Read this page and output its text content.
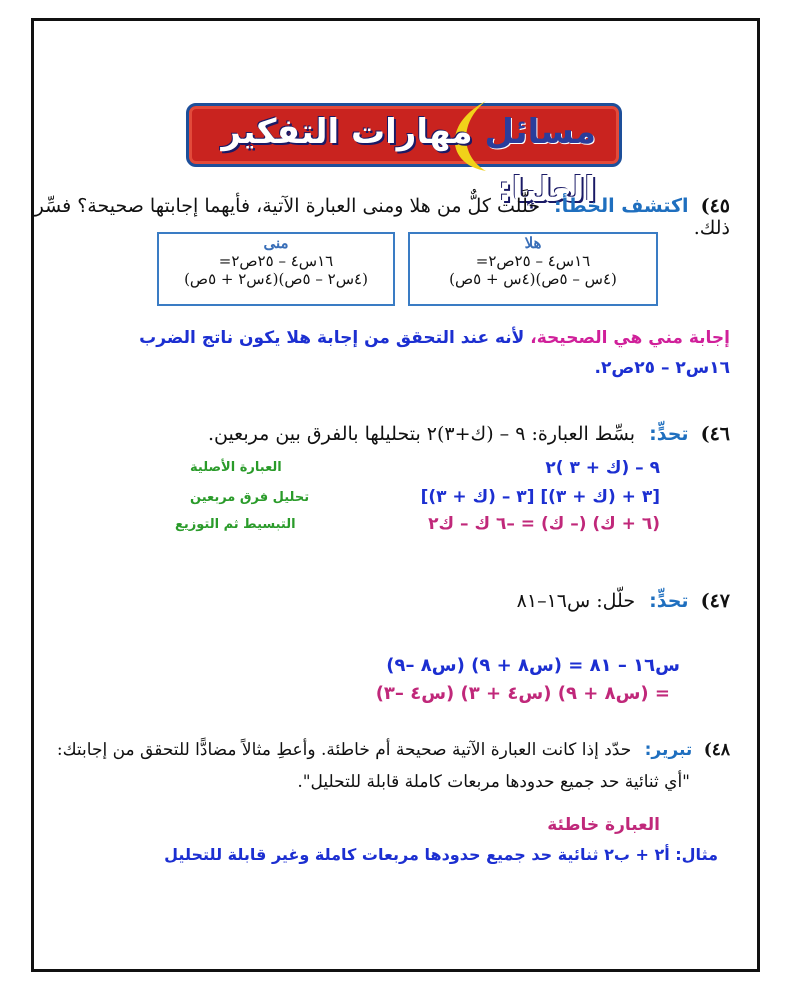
مسائل مهارات التفكير العليا:	٤٥) اكتشف الخطأ: حلَّلت كلٌّ من هلا ومنى العبارة الآتية، فأيهما إجابتها صحيحة؟ فسِّر ذلك.
هلا
١٦س٤ – ٢٥ص٢=
(٤س – ٥ص)(٤س + ٥ص)
منى
١٦س٤ – ٢٥ص٢=
(٤س٢ – ٥ص)(٤س٢ + ٥ص)
إجابة مني هي الصحيحة، لأنه عند التحقق من إجابة هلا يكون ناتج الضرب
١٦س٢ – ٢٥ص٢.
٤٦) تحدٍّ: بسِّط العبارة: ٩ – (ك+٣)٢ بتحليلها بالفرق بين مربعين.
٩ – (ك + ٣ )٢
العبارة الأصلية
[٣ + (ك + ٣)] [٣ – (ك + ٣)]
تحليل فرق مربعين
(٦ + ك) (– ك) = –٦ ك – ك٢
التبسيط ثم التوزيع
٤٧) تحدٍّ: حلّل: س١٦–٨١
س١٦ – ٨١ = (س٨ + ٩) (س٨ –٩)
= (س٨ + ٩) (س٤ + ٣) (س٤ –٣)
٤٨) تبرير: حدّد إذا كانت العبارة الآتية صحيحة أم خاطئة. وأعطِ مثالاً مضادًّا للتحقق من إجابتك:
"أي ثنائية حد جميع حدودها مربعات كاملة قابلة للتحليل".
العبارة خاطئة
مثال: أ٢ + ب٢ ثنائية حد جميع حدودها مربعات كاملة وغير قابلة للتحليل
